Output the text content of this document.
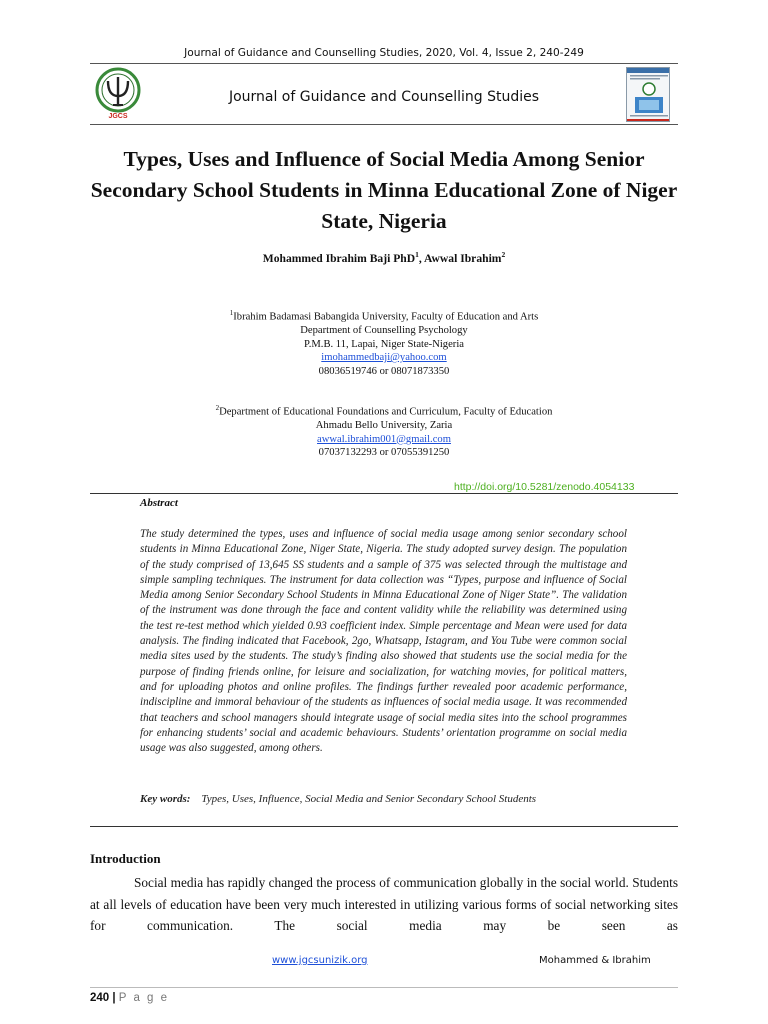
Journal of Guidance and Counselling Studies, 2020, Vol. 4, Issue 2, 240-249
JGCS
Journal of Guidance and Counselling Studies
Types, Uses and Influence of Social Media Among Senior Secondary School Students in Minna Educational Zone of Niger State, Nigeria
Mohammed Ibrahim Baji PhD$^1$, Awwal Ibrahim$^2$
$^1$Ibrahim Badamasi Babangida University, Faculty of Education and Arts
Department of Counselling Psychology
P.M.B. 11, Lapai, Niger State-Nigeria
imohammedbaji@yahoo.com
08036519746 or 08071873350
$^2$Department of Educational Foundations and Curriculum, Faculty of Education
Ahmadu Bello University, Zaria
awwal.ibrahim001@gmail.com
07037132293 or 07055391250
http://doi.org/10.5281/zenodo.4054133
Abstract
The study determined the types, uses and influence of social media usage among senior secondary school students in Minna Educational Zone, Niger State, Nigeria. The study adopted survey design. The population of the study comprised of 13,645 SS students and a sample of 375 was selected through the multistage and simple sampling techniques. The instrument for data collection was “Types, purpose and influence of Social Media among Senior Secondary School Students in Minna Educational Zone of Niger State”. The validation of the instrument was done through the face and content validity while the reliability was determined using the test re-test method which yielded 0.93 coefficient index. Simple percentage and Mean were used for data analysis. The finding indicated that Facebook, 2go, Whatsapp, Istagram, and You Tube were common social media sites used by the students. The study’s finding also showed that students use the social media for the purpose of finding friends online, for leisure and socialization, for watching movies, for political matters, and for uploading photos and online profiles. The findings further revealed poor academic performance, indiscipline and immoral behaviour of the students as influences of social media usage. It was recommended that teachers and school managers should integrate usage of social media sites into the school programmes for enhancing students’ social and academic behaviours. Students’ orientation programme on social media usage was also suggested, among others.
Key words: Types, Uses, Influence, Social Media and Senior Secondary School Students
Introduction
Social media has rapidly changed the process of communication globally in the social world. Students at all levels of education have been very much interested in utilizing various forms of social networking sites for communication. The social media may be seen as
www.jgcsunizik.org	Mohammed & Ibrahim
240 | P a g e
